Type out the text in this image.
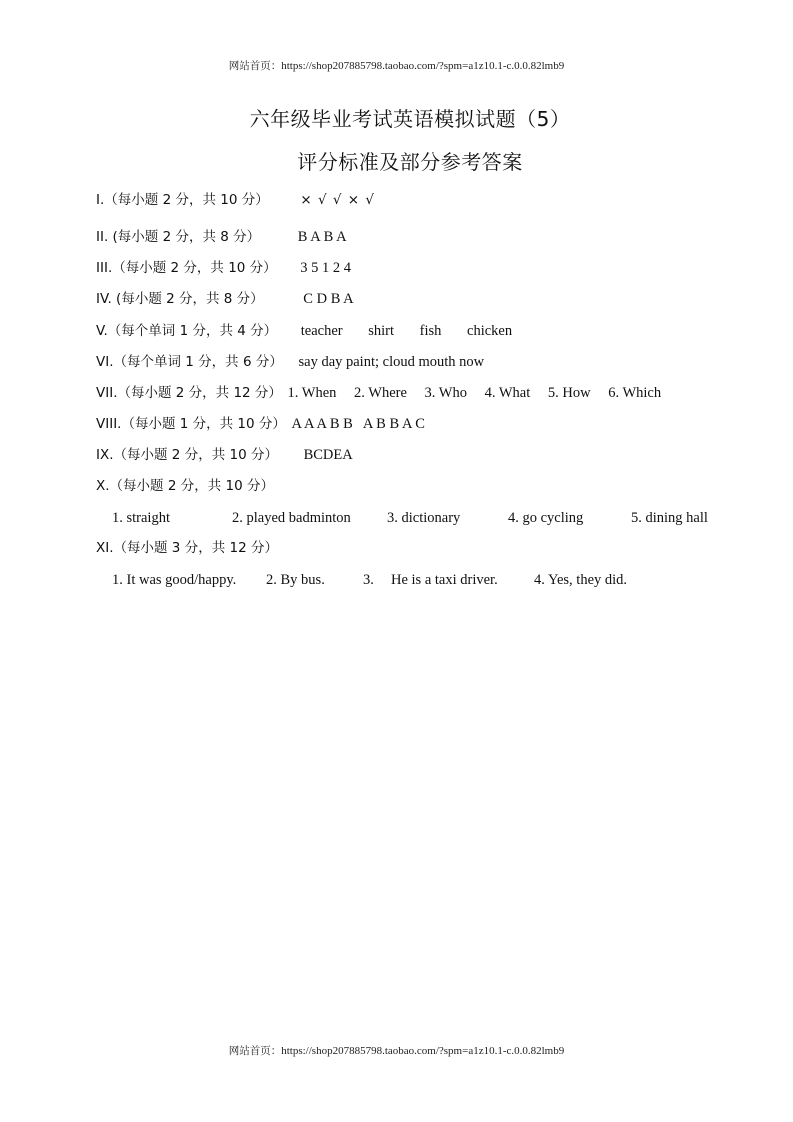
网站首页：https://shop207885798.taobao.com/?spm=a1z10.1-c.0.0.82lmb9
六年级毕业考试英语模拟试题（5）
评分标准及部分参考答案
I.（每小题 2 分，共 10 分） × √ √ × √
II. (每小题 2 分，共 8 分）	B A B A
III.（每小题 2 分，共 10 分） 3 5 1 2 4
IV. (每小题 2 分，共 8 分）	C D B A
V.（每个单词 1 分，共 4 分） teacher shirt fish chicken
VI.（每个单词 1 分，共 6 分） say day paint; cloud mouth now
VII.（每小题 2 分，共 12 分） 1. When 2. Where 3. Who 4. What 5. How 6. Which
VIII.（每小题 1 分，共 10 分） A A A B B   A B B A C
IX.（每小题 2 分，共 10 分） BCDEA
X.（每小题 2 分，共 10 分）
1. straight	2. played badminton 3. dictionary	4. go cycling	5. dining hall
XI.（每小题 3 分，共 12 分）
1. It was good/happy. 2. By bus.	3. He is a taxi driver.	4. Yes, they did.
网站首页：https://shop207885798.taobao.com/?spm=a1z10.1-c.0.0.82lmb9
